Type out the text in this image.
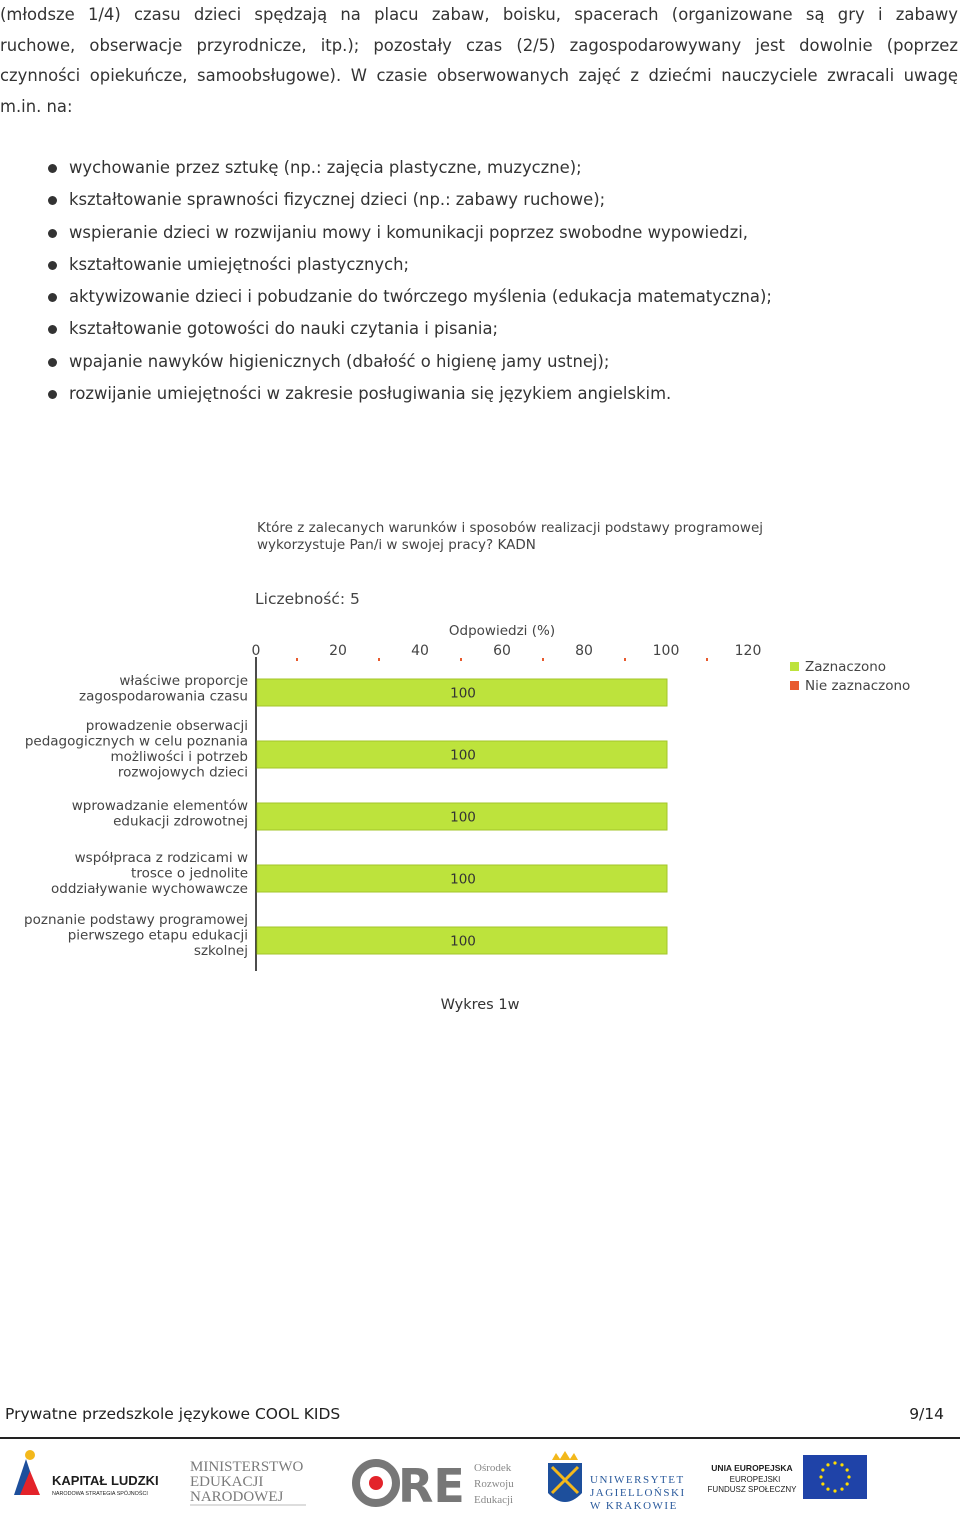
(młodsze 1/4) czasu dzieci spędzają na placu zabaw, boisku, spacerach (organizowane są gry i zabawy
ruchowe, obserwacje przyrodnicze, itp.); pozostały czas (2/5) zagospodarowywany jest dowolnie (poprzez
czynności opiekuńcze, samoobsługowe). W czasie obserwowanych zajęć z dziećmi nauczyciele zwracali uwagę
m.in. na:
wychowanie przez sztukę (np.: zajęcia plastyczne, muzyczne);
kształtowanie sprawności fizycznej dzieci (np.: zabawy ruchowe);
wspieranie dzieci w rozwijaniu mowy i komunikacji poprzez swobodne wypowiedzi,
kształtowanie umiejętności plastycznych;
aktywizowanie dzieci i pobudzanie do twórczego myślenia (edukacja matematyczna);
kształtowanie gotowości do nauki czytania i pisania;
wpajanie nawyków higienicznych (dbałość o higienę jamy ustnej);
rozwijanie umiejętności w zakresie posługiwania się językiem angielskim.
Które z zalecanych warunków i sposobów realizacji podstawy programowej
wykorzystuje Pan/i w swojej pracy? KADN
Liczebność: 5
Odpowiedzi (%)
0	20	40	60	80	100	120
100
100
100
100
100
właściwe proporcje
zagospodarowania czasu
prowadzenie obserwacji
pedagogicznych w celu poznania
możliwości i potrzeb
rozwojowych dzieci
wprowadzanie elementów
edukacji zdrowotnej
współpraca z rodzicami w
trosce o jednolite
oddziaływanie wychowawcze
poznanie podstawy programowej
pierwszego etapu edukacji
szkolnej
Zaznaczono
Nie zaznaczono
Wykres 1w
Prywatne przedszkole językowe COOL KIDS	9/14
KAPITAŁ LUDZKI
NARODOWA STRATEGIA SPÓJNOŚCI
MINISTERSTWO
EDUKACJI
NARODOWEJ RE Ośrodek
Rozwoju
Edukacji
UNIWERSYTET
JAGIELLOŃSKI
W KRAKOWIE
UNIA EUROPEJSKA
EUROPEJSKI
FUNDUSZ SPOŁECZNY
